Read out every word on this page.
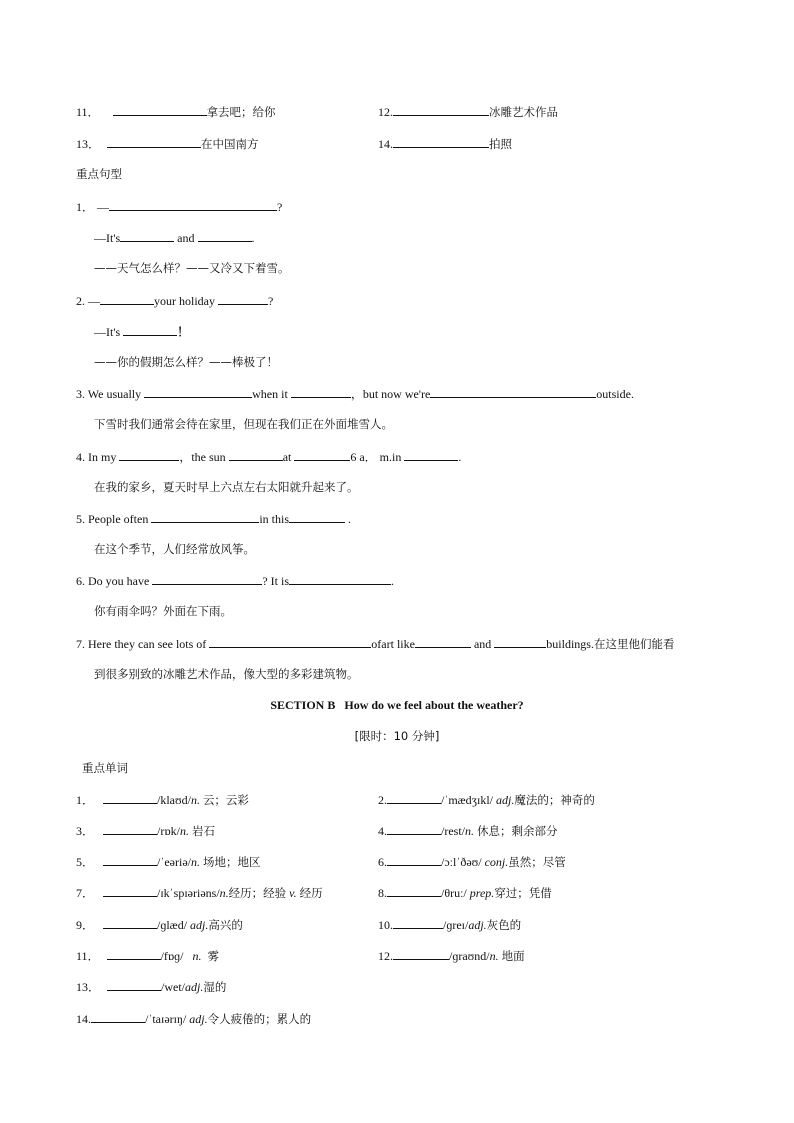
11．	拿去吧；给你	12.	冰雕艺术作品
13．	在中国南方	14.	拍照
重点句型
1． —	?
—It's	and	.
——天气怎么样？——又冷又下着雪。
2. —	your holiday	?
—It's	！
——你的假期怎么样？——棒极了！
3. We usually	when it	，but now we're	outside.
下雪时我们通常会待在家里，但现在我们正在外面堆雪人。
4. In my	，the sun	at	6 a． m.in	.
在我的家乡，夏天时早上六点左右太阳就升起来了。
5. People often	in this	.
在这个季节，人们经常放风筝。
6. Do you have	? It is	.
你有雨伞吗？外面在下雨。
7. Here they can see lots of	ofart like	and	buildings.在这里他们能看
到很多别致的冰雕艺术作品，像大型的多彩建筑物。
SECTION B How do we feel about the weather?
[限时：10 分钟]
重点单词
1．	/klaʊd/n. 云；云彩	2.	/ˈmædʒɪkl/ adj.魔法的；神奇的
3．	/rɒk/n. 岩石	4.	/rest/n. 休息；剩余部分
5．	/ˈeəriə/n. 场地；地区	6.	/ɔːlˈðəʊ/ conj.虽然；尽管
7．	/ɪkˈspɪəriəns/n.经历；经验 v. 经历	8.	/θruː/ prep.穿过；凭借
9．	/ɡlæd/ adj.高兴的	10.	/ɡreɪ/adj.灰色的
11．	/fɒɡ/ n. 雾	12.	/ɡraʊnd/n. 地面
13．	/wet/adj.湿的
14.	/ˈtaɪərɪŋ/ adj.令人疲倦的；累人的
